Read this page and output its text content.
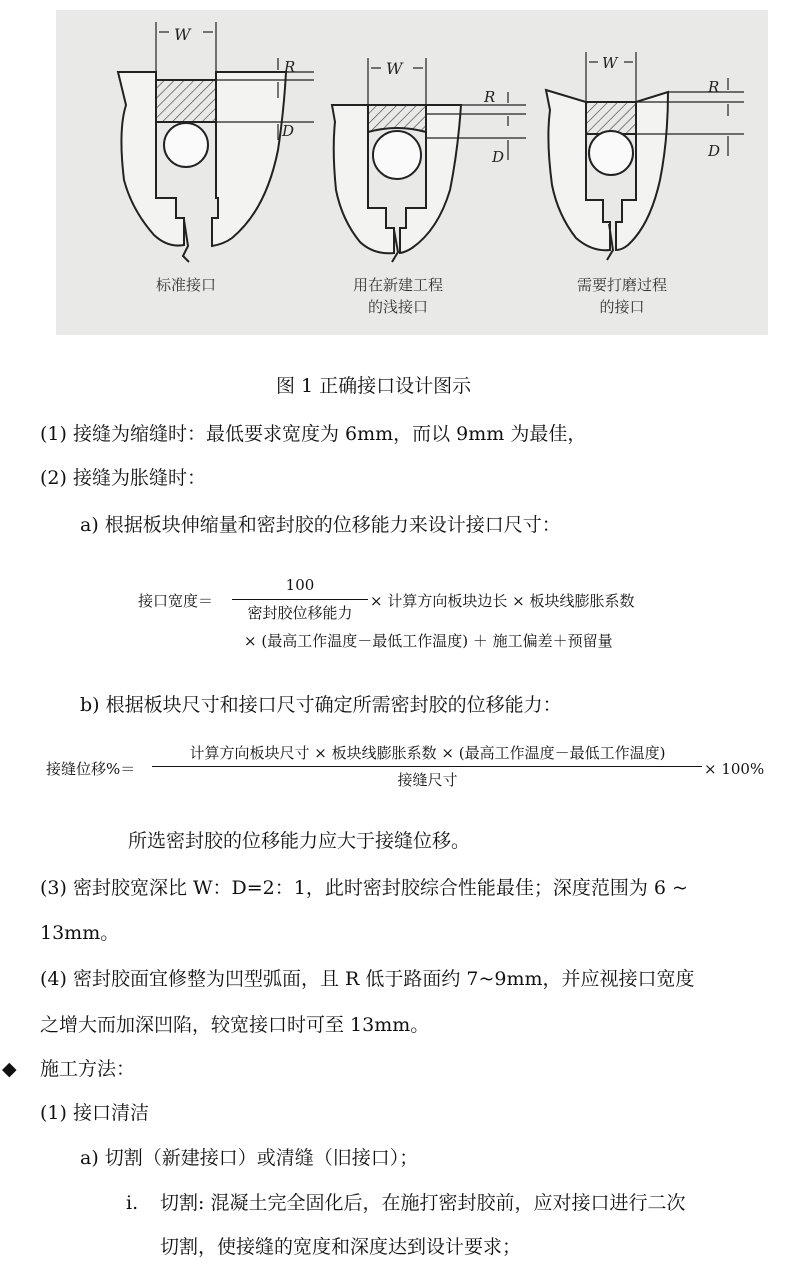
W
R
D
W
R
D
W
R
D
标准接口	用在新建工程
的浅接口
需要打磨过程
的接口
图 1 正确接口设计图示
(1) 接缝为缩缝时：最低要求宽度为 6mm，而以 9mm 为最佳，
(2) 接缝为胀缝时：
a) 根据板块伸缩量和密封胶的位移能力来设计接口尺寸：
接口宽度＝
100
密封胶位移能力
× 计算方向板块边长 × 板块线膨胀系数
× (最高工作温度－最低工作温度) ＋ 施工偏差＋预留量
b) 根据板块尺寸和接口尺寸确定所需密封胶的位移能力：
接缝位移%＝
计算方向板块尺寸 × 板块线膨胀系数 × (最高工作温度－最低工作温度)
接缝尺寸
× 100%
所选密封胶的位移能力应大于接缝位移。
(3) 密封胶宽深比 W：D=2：1，此时密封胶综合性能最佳；深度范围为 6 ~
13mm。
(4) 密封胶面宜修整为凹型弧面，且 R 低于路面约 7~9mm，并应视接口宽度
之增大而加深凹陷，较宽接口时可至 13mm。
◆ 施工方法：
(1) 接口清洁
a) 切割（新建接口）或清缝（旧接口）；
i. 切割: 混凝土完全固化后，在施打密封胶前，应对接口进行二次
切割，使接缝的宽度和深度达到设计要求；
